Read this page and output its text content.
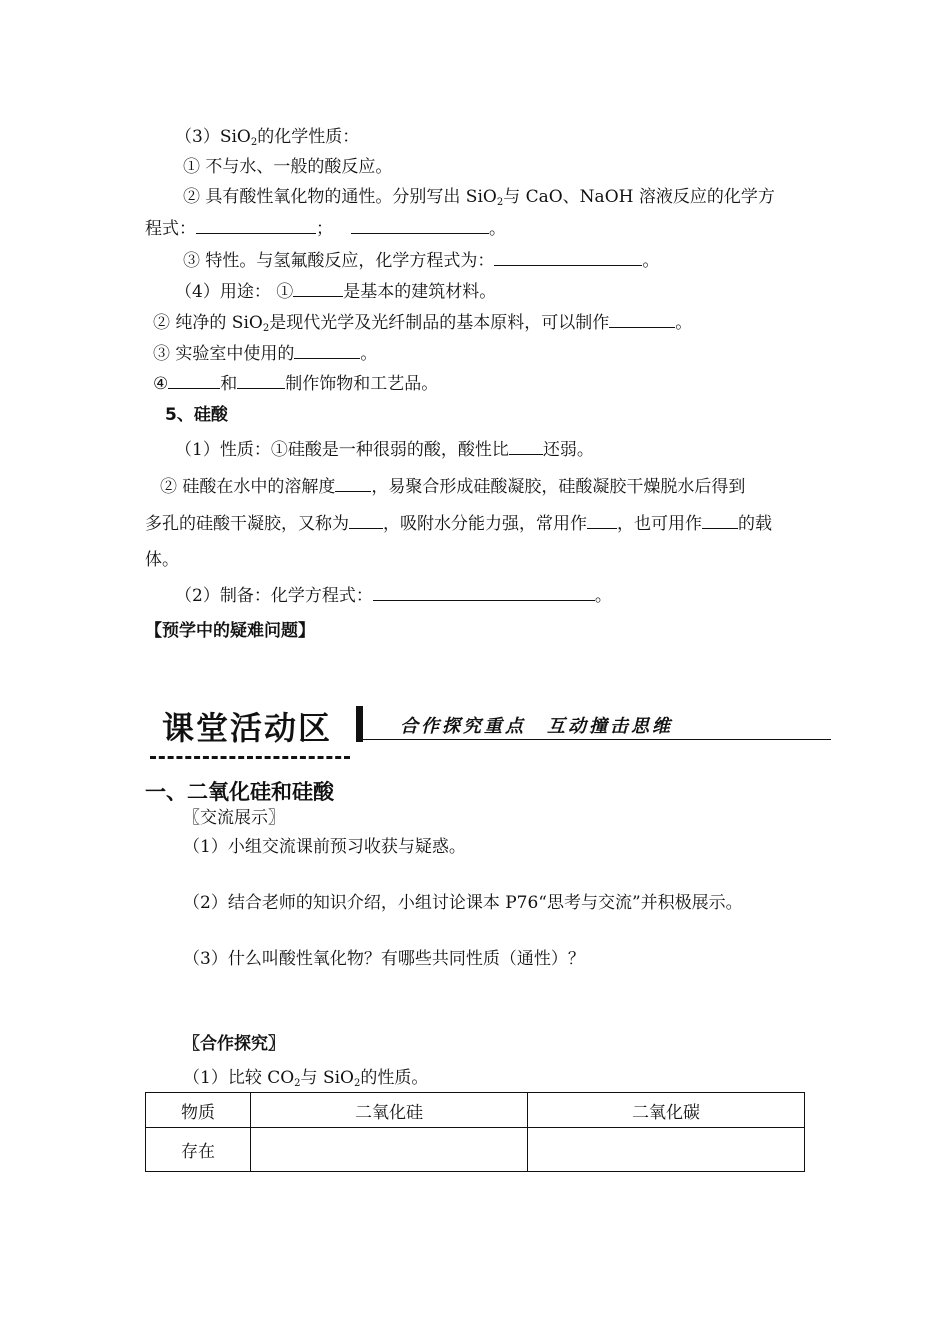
（3）SiO$_2$的化学性质：
① 不与水、一般的酸反应。
② 具有酸性氧化物的通性。分别写出 SiO$_2$与 CaO、NaOH 溶液反应的化学方
程式：	；	。
③ 特性。与氢氟酸反应，化学方程式为：	。
（4）用途： ①	是基本的建筑材料。
② 纯净的 SiO$_2$是现代光学及光纤制品的基本原料，可以制作	。
③ 实验室中使用的	。
④	和	制作饰物和工艺品。
5、硅酸
（1）性质：①硅酸是一种很弱的酸，酸性比 还弱。
② 硅酸在水中的溶解度 ，易聚合形成硅酸凝胶，硅酸凝胶干燥脱水后得到
多孔的硅酸干凝胶，又称为 ，吸附水分能力强，常用作 ，也可用作 的载
体。
（2）制备：化学方程式：	。
【预学中的疑难问题】
课堂活动区	合作探究重点　互动撞击思维
一、二氧化硅和硅酸
〖交流展示〗
（1）小组交流课前预习收获与疑惑。
（2）结合老师的知识介绍，小组讨论课本 P76“思考与交流”并积极展示。
（3）什么叫酸性氧化物？有哪些共同性质（通性）？
〖合作探究〗
（1）比较 $CO_2$与 SiO$_2$的性质。
物质	二氧化硅	二氧化碳
存在		
